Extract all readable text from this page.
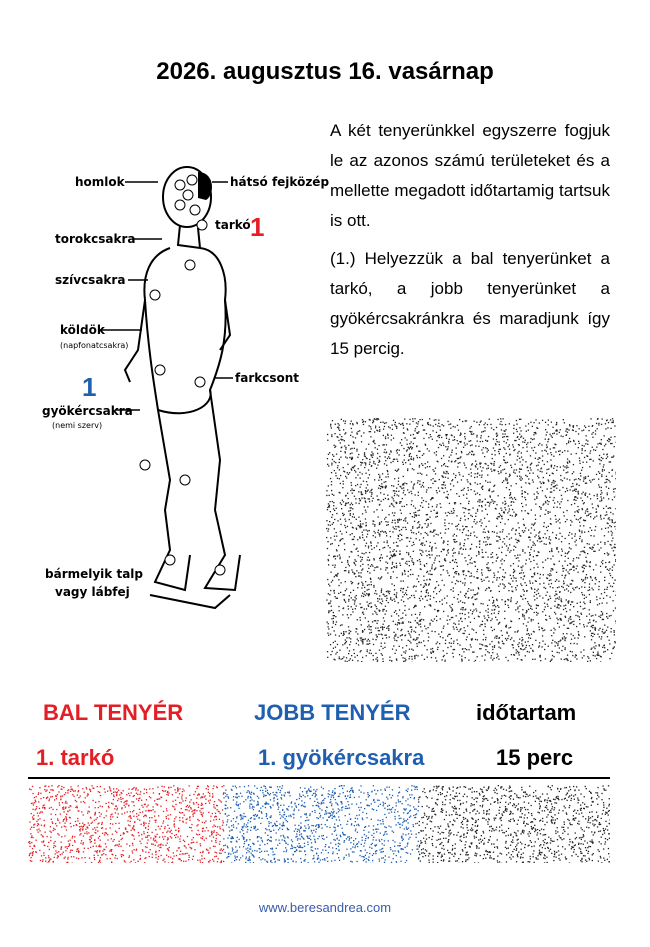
2026. augusztus 16. vasárnap
homlok	hátsó fejközép
tarkó 1
torokcsakra
szívcsakra
köldök
(napfonatcsakra)
farkcsont
1
gyökércsakra
(nemi szerv)
bármelyik talp
vagy lábfej

A két tenyerünkkel egyszerre fogjuk le az azonos számú területeket és a mellette megadott időtartamig tartsuk is ott.

(1.) Helyezzük a bal tenyerünket a tarkó, a jobb tenyerünket a gyökércsakránkra és maradjunk így 15 percig.

BAL TENYÉR	JOBB TENYÉR	időtartam
1. tarkó	1. gyökércsakra	15 perc
www.beresandrea.com
